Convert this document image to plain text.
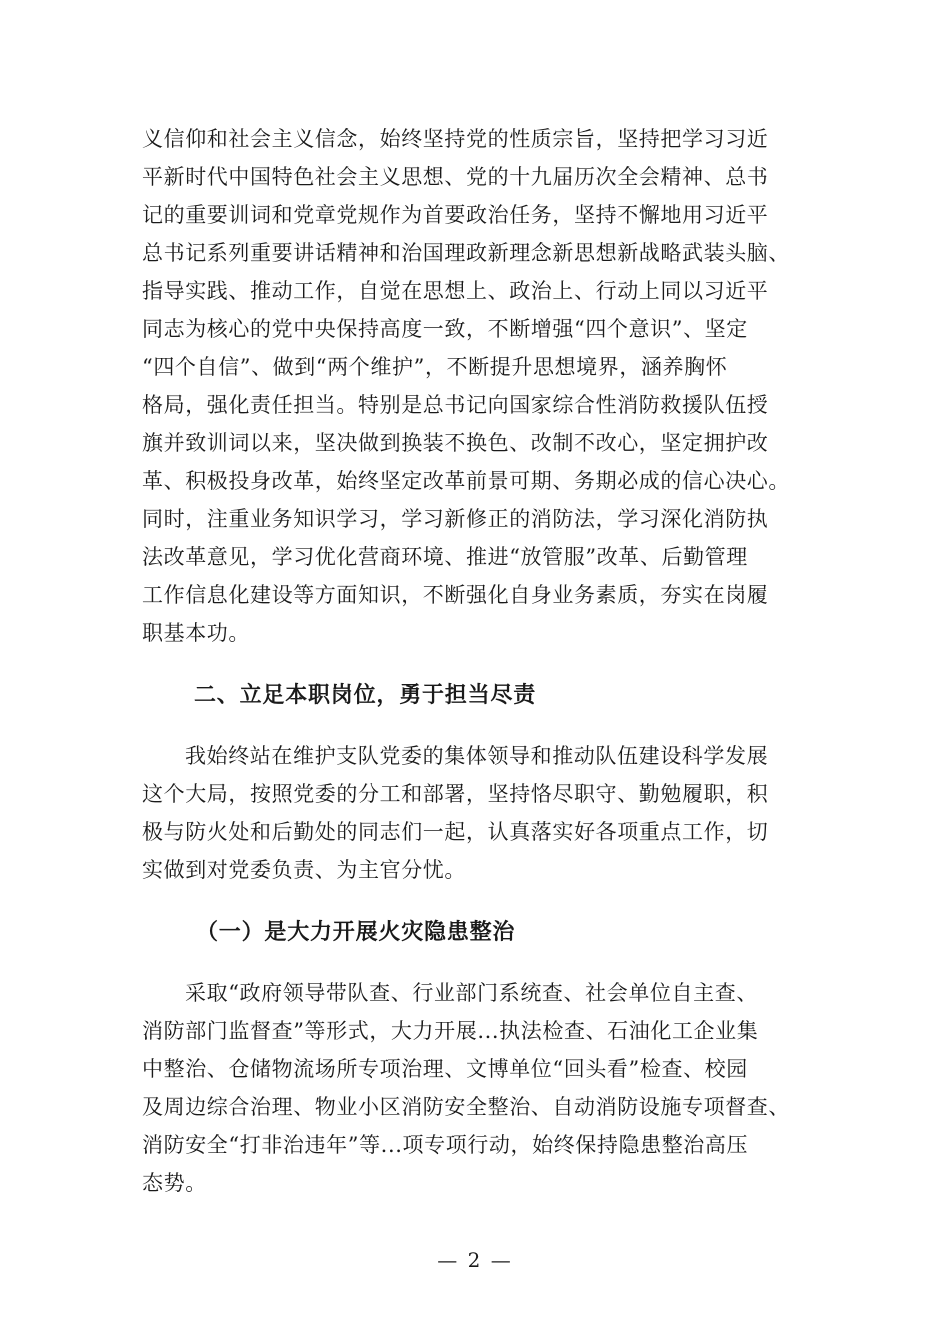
义信仰和社会主义信念，始终坚持党的性质宗旨，坚持把学习习近
平新时代中国特色社会主义思想、党的十九届历次全会精神、总书
记的重要训词和党章党规作为首要政治任务，坚持不懈地用习近平
总书记系列重要讲话精神和治国理政新理念新思想新战略武装头脑、
指导实践、推动工作，自觉在思想上、政治上、行动上同以习近平
同志为核心的党中央保持高度一致，不断增强“四个意识”、坚定
“四个自信”、做到“两个维护”，不断提升思想境界，涵养胸怀
格局，强化责任担当。特别是总书记向国家综合性消防救援队伍授
旗并致训词以来，坚决做到换装不换色、改制不改心，坚定拥护改
革、积极投身改革，始终坚定改革前景可期、务期必成的信心决心。
同时，注重业务知识学习，学习新修正的消防法，学习深化消防执
法改革意见，学习优化营商环境、推进“放管服”改革、后勤管理
工作信息化建设等方面知识，不断强化自身业务素质，夯实在岗履
职基本功。
二、立足本职岗位，勇于担当尽责
我始终站在维护支队党委的集体领导和推动队伍建设科学发展
这个大局，按照党委的分工和部署，坚持恪尽职守、勤勉履职，积
极与防火处和后勤处的同志们一起，认真落实好各项重点工作，切
实做到对党委负责、为主官分忧。
（一）是大力开展火灾隐患整治
采取“政府领导带队查、行业部门系统查、社会单位自主查、
消防部门监督查”等形式，大力开展...执法检查、石油化工企业集
中整治、仓储物流场所专项治理、文博单位“回头看”检查、校园
及周边综合治理、物业小区消防安全整治、自动消防设施专项督查、
消防安全“打非治违年”等...项专项行动，始终保持隐患整治高压
态势。
— 2 —
